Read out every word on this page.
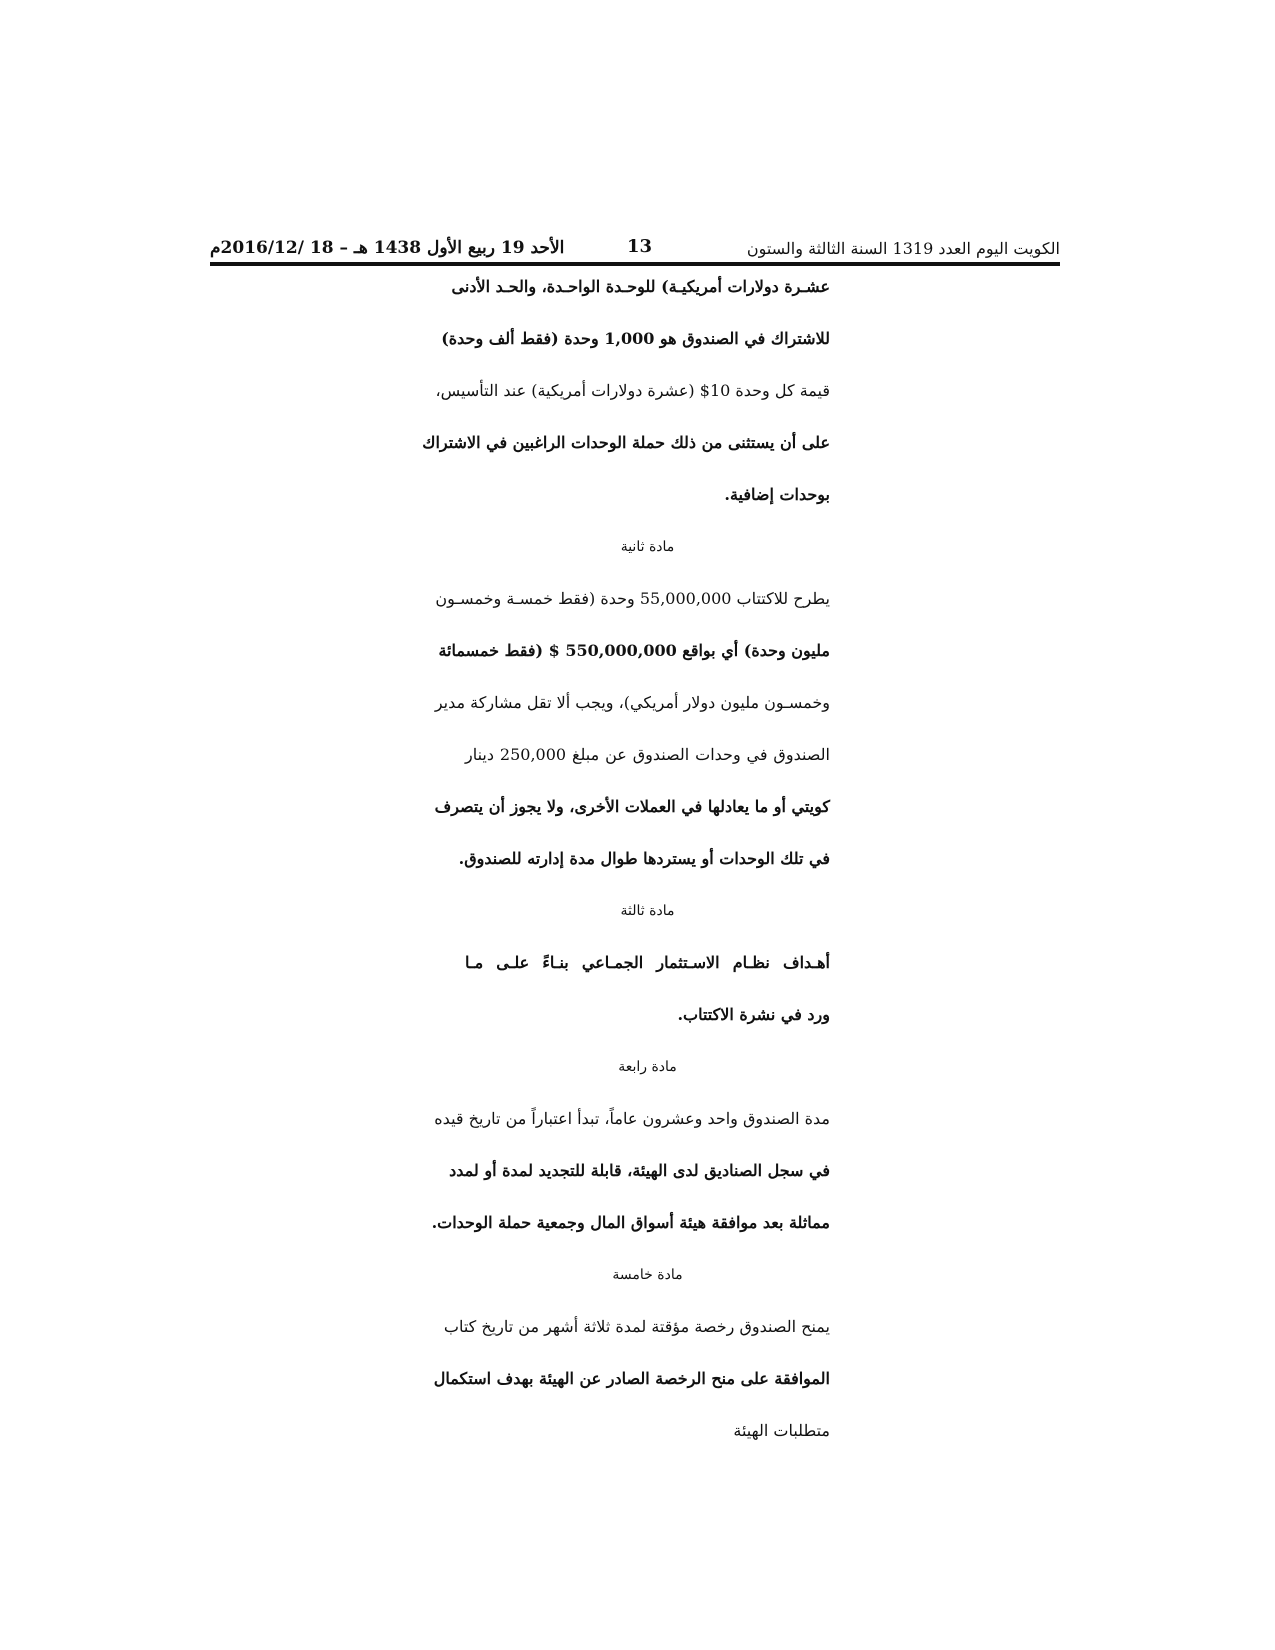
الكويت اليوم العدد 1319 السنة الثالثة والستون
13
الأحد 19 ربيع الأول 1438 هـ – 18 /2016/12م
عشـرة دولارات أمريكيـة) للوحـدة الواحـدة، والحـد الأدنى
للاشتراك في الصندوق هو 1,000 وحدة (فقط ألف وحدة)
قيمة كل وحدة 10$ (عشرة دولارات أمريكية) عند التأسيس،
على أن يستثنى من ذلك حملة الوحدات الراغبين في الاشتراك
بوحدات إضافية.
مادة ثانية
يطرح للاكتتاب 55,000,000 وحدة (فقط خمسـة وخمسـون
مليون وحدة) أي بواقع 550,000,000 $ (فقط خمسمائة
وخمسـون مليون دولار أمريكي)، ويجب ألا تقل مشاركة مدير
الصندوق في وحدات الصندوق عن مبلغ 250,000 دينار
كويتي أو ما يعادلها في العملات الأخرى، ولا يجوز أن يتصرف
في تلك الوحدات أو يستردها طوال مدة إدارته للصندوق.
مادة ثالثة
أهـداف نظـام الاسـتثمار الجمـاعي بنـاءً علـى مـا
ورد في نشرة الاكتتاب.
مادة رابعة
مدة الصندوق واحد وعشرون عاماً، تبدأ اعتباراً من تاريخ قيده
في سجل الصناديق لدى الهيئة، قابلة للتجديد لمدة أو لمدد
مماثلة بعد موافقة هيئة أسواق المال وجمعية حملة الوحدات.
مادة خامسة
يمنح الصندوق رخصة مؤقتة لمدة ثلاثة أشهر من تاريخ كتاب
الموافقة على منح الرخصة الصادر عن الهيئة بهدف استكمال
متطلبات الهيئة
